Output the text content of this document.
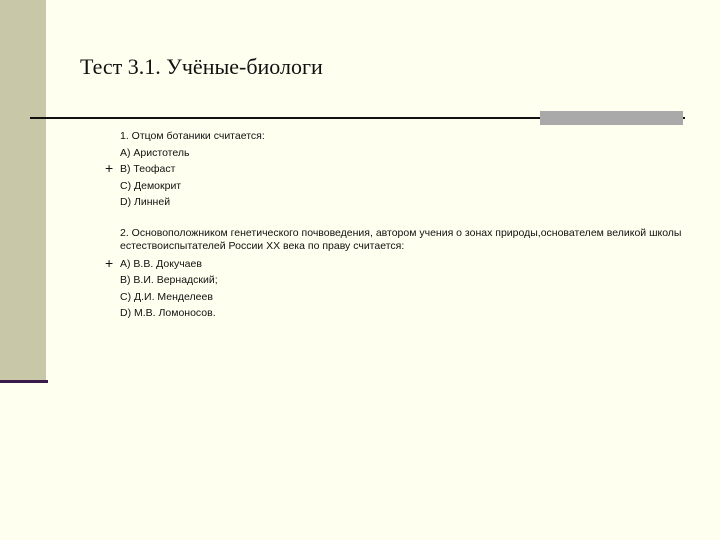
Тест 3.1. Учёные-биологи
1. Отцом ботаники считается:
А) Аристотель
+ В) Теофаст
С) Демокрит
D) Линней
2. Основоположником генетического почвоведения, автором учения о зонах природы,основателем великой школы естествоиспытателей России XX века по праву считается:
+ А) В.В. Докучаев
В) В.И. Вернадский;
С) Д.И. Менделеев
D) М.В. Ломоносов.
